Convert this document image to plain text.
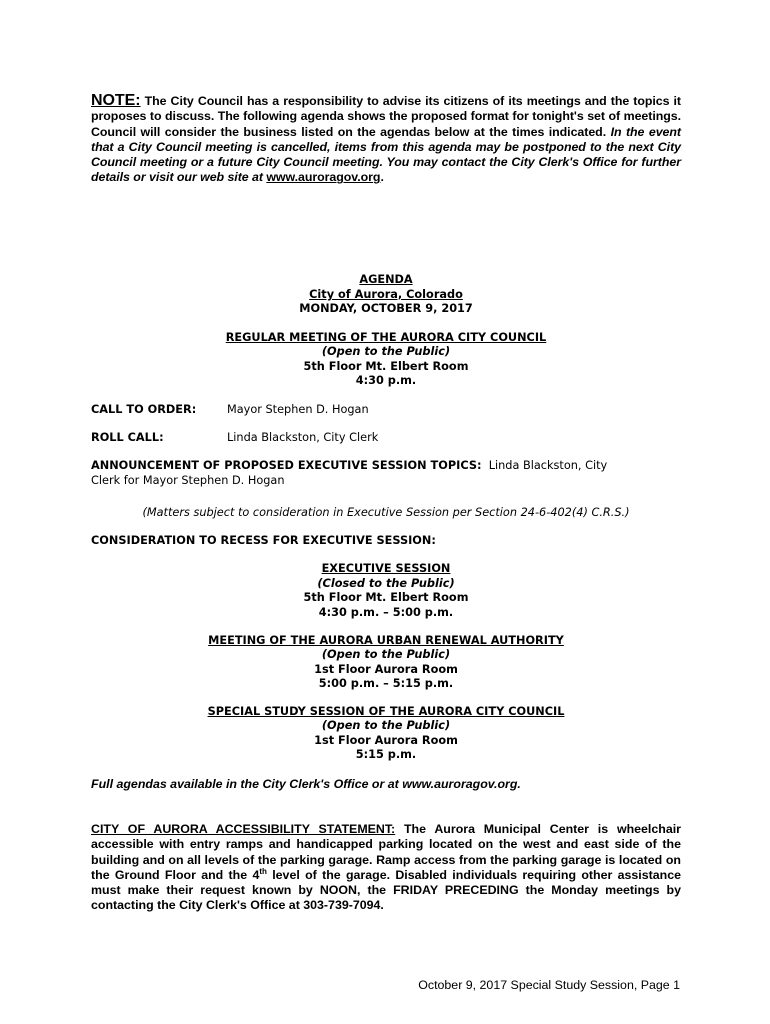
NOTE: The City Council has a responsibility to advise its citizens of its meetings and the topics it proposes to discuss. The following agenda shows the proposed format for tonight's set of meetings. Council will consider the business listed on the agendas below at the times indicated. In the event that a City Council meeting is cancelled, items from this agenda may be postponed to the next City Council meeting or a future City Council meeting. You may contact the City Clerk's Office for further details or visit our web site at www.auroragov.org.
AGENDA
City of Aurora, Colorado
MONDAY, OCTOBER 9, 2017
REGULAR MEETING OF THE AURORA CITY COUNCIL
(Open to the Public)
5th Floor Mt. Elbert Room
4:30 p.m.
CALL TO ORDER:	Mayor Stephen D. Hogan
ROLL CALL:	Linda Blackston, City Clerk
ANNOUNCEMENT OF PROPOSED EXECUTIVE SESSION TOPICS: Linda Blackston, City
Clerk for Mayor Stephen D. Hogan
(Matters subject to consideration in Executive Session per Section 24-6-402(4) C.R.S.)
CONSIDERATION TO RECESS FOR EXECUTIVE SESSION:
EXECUTIVE SESSION
(Closed to the Public)
5th Floor Mt. Elbert Room
4:30 p.m. – 5:00 p.m.
MEETING OF THE AURORA URBAN RENEWAL AUTHORITY
(Open to the Public)
1st Floor Aurora Room
5:00 p.m. – 5:15 p.m.
SPECIAL STUDY SESSION OF THE AURORA CITY COUNCIL
(Open to the Public)
1st Floor Aurora Room
5:15 p.m.
Full agendas available in the City Clerk's Office or at www.auroragov.org.
CITY OF AURORA ACCESSIBILITY STATEMENT: The Aurora Municipal Center is wheelchair accessible with entry ramps and handicapped parking located on the west and east side of the building and on all levels of the parking garage. Ramp access from the parking garage is located on the Ground Floor and the 4th level of the garage. Disabled individuals requiring other assistance must make their request known by NOON, the FRIDAY PRECEDING the Monday meetings by contacting the City Clerk's Office at 303-739-7094.
October 9, 2017 Special Study Session, Page 1
